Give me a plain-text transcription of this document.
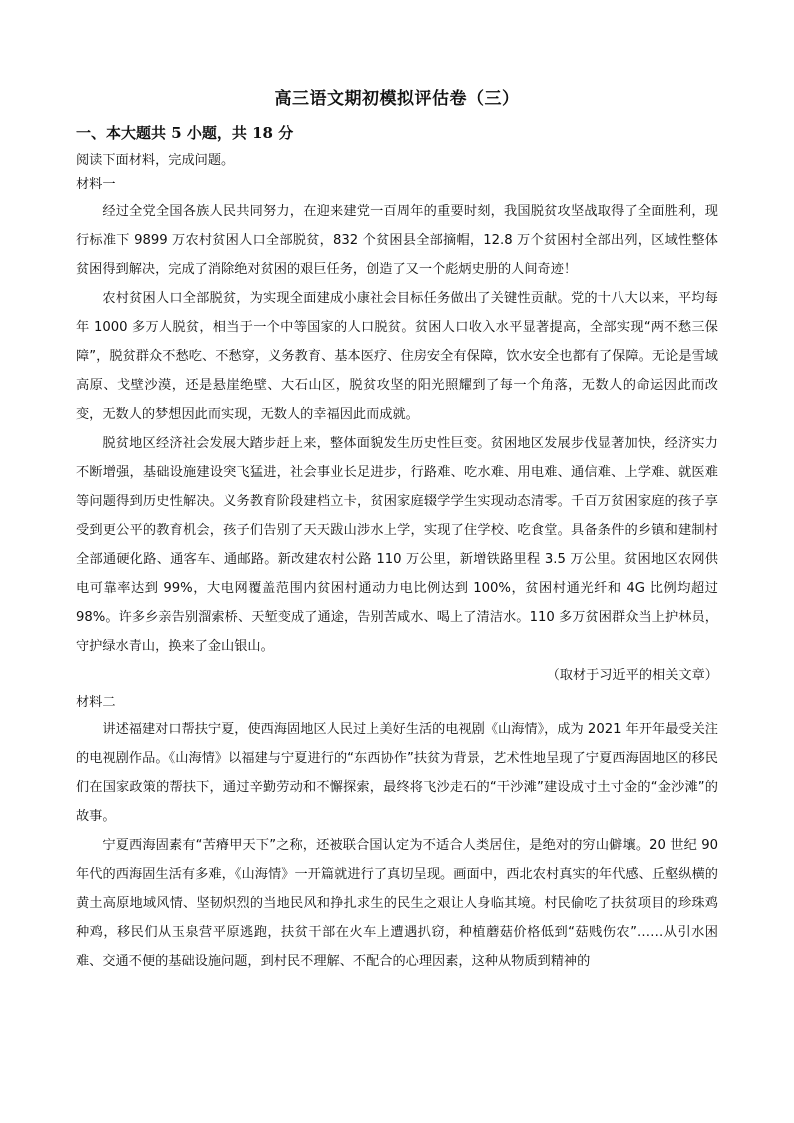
高三语文期初模拟评估卷（三）
一、本大题共 5 小题，共 18 分

阅读下面材料，完成问题。

材料一

经过全党全国各族人民共同努力，在迎来建党一百周年的重要时刻，我国脱贫攻坚战取得了全面胜利，现行标准下 9899 万农村贫困人口全部脱贫，832 个贫困县全部摘帽，12.8 万个贫困村全部出列，区域性整体贫困得到解决，完成了消除绝对贫困的艰巨任务，创造了又一个彪炳史册的人间奇迹！

农村贫困人口全部脱贫，为实现全面建成小康社会目标任务做出了关键性贡献。党的十八大以来，平均每年 1000 多万人脱贫，相当于一个中等国家的人口脱贫。贫困人口收入水平显著提高，全部实现“两不愁三保障”，脱贫群众不愁吃、不愁穿，义务教育、基本医疗、住房安全有保障，饮水安全也都有了保障。无论是雪域高原、戈壁沙漠，还是悬崖绝壁、大石山区，脱贫攻坚的阳光照耀到了每一个角落，无数人的命运因此而改变，无数人的梦想因此而实现，无数人的幸福因此而成就。

脱贫地区经济社会发展大踏步赶上来，整体面貌发生历史性巨变。贫困地区发展步伐显著加快，经济实力不断增强，基础设施建设突飞猛进，社会事业长足进步，行路难、吃水难、用电难、通信难、上学难、就医难等问题得到历史性解决。义务教育阶段建档立卡，贫困家庭辍学学生实现动态清零。千百万贫困家庭的孩子享受到更公平的教育机会，孩子们告别了天天跋山涉水上学，实现了住学校、吃食堂。具备条件的乡镇和建制村全部通硬化路、通客车、通邮路。新改建农村公路 110 万公里，新增铁路里程 3.5 万公里。贫困地区农网供电可靠率达到 99%，大电网覆盖范围内贫困村通动力电比例达到 100%，贫困村通光纤和 4G 比例均超过 98%。许多乡亲告别溜索桥、天堑变成了通途，告别苦咸水、喝上了清洁水。110 多万贫困群众当上护林员，守护绿水青山，换来了金山银山。

（取材于习近平的相关文章）

材料二

讲述福建对口帮扶宁夏，使西海固地区人民过上美好生活的电视剧《山海情》，成为 2021 年开年最受关注的电视剧作品。《山海情》以福建与宁夏进行的“东西协作”扶贫为背景，艺术性地呈现了宁夏西海固地区的移民们在国家政策的帮扶下，通过辛勤劳动和不懈探索，最终将飞沙走石的“干沙滩”建设成寸土寸金的“金沙滩”的故事。

宁夏西海固素有“苦瘠甲天下”之称，还被联合国认定为不适合人类居住，是绝对的穷山僻壤。20 世纪 90 年代的西海固生活有多难，《山海情》一开篇就进行了真切呈现。画面中，西北农村真实的年代感、丘壑纵横的黄土高原地域风情、坚韧炽烈的当地民风和挣扎求生的民生之艰让人身临其境。村民偷吃了扶贫项目的珍珠鸡种鸡，移民们从玉泉营平原逃跑，扶贫干部在火车上遭遇扒窃，种植蘑菇价格低到“菇贱伤农”……从引水困难、交通不便的基础设施问题，到村民不理解、不配合的心理因素，这种从物质到精神的
